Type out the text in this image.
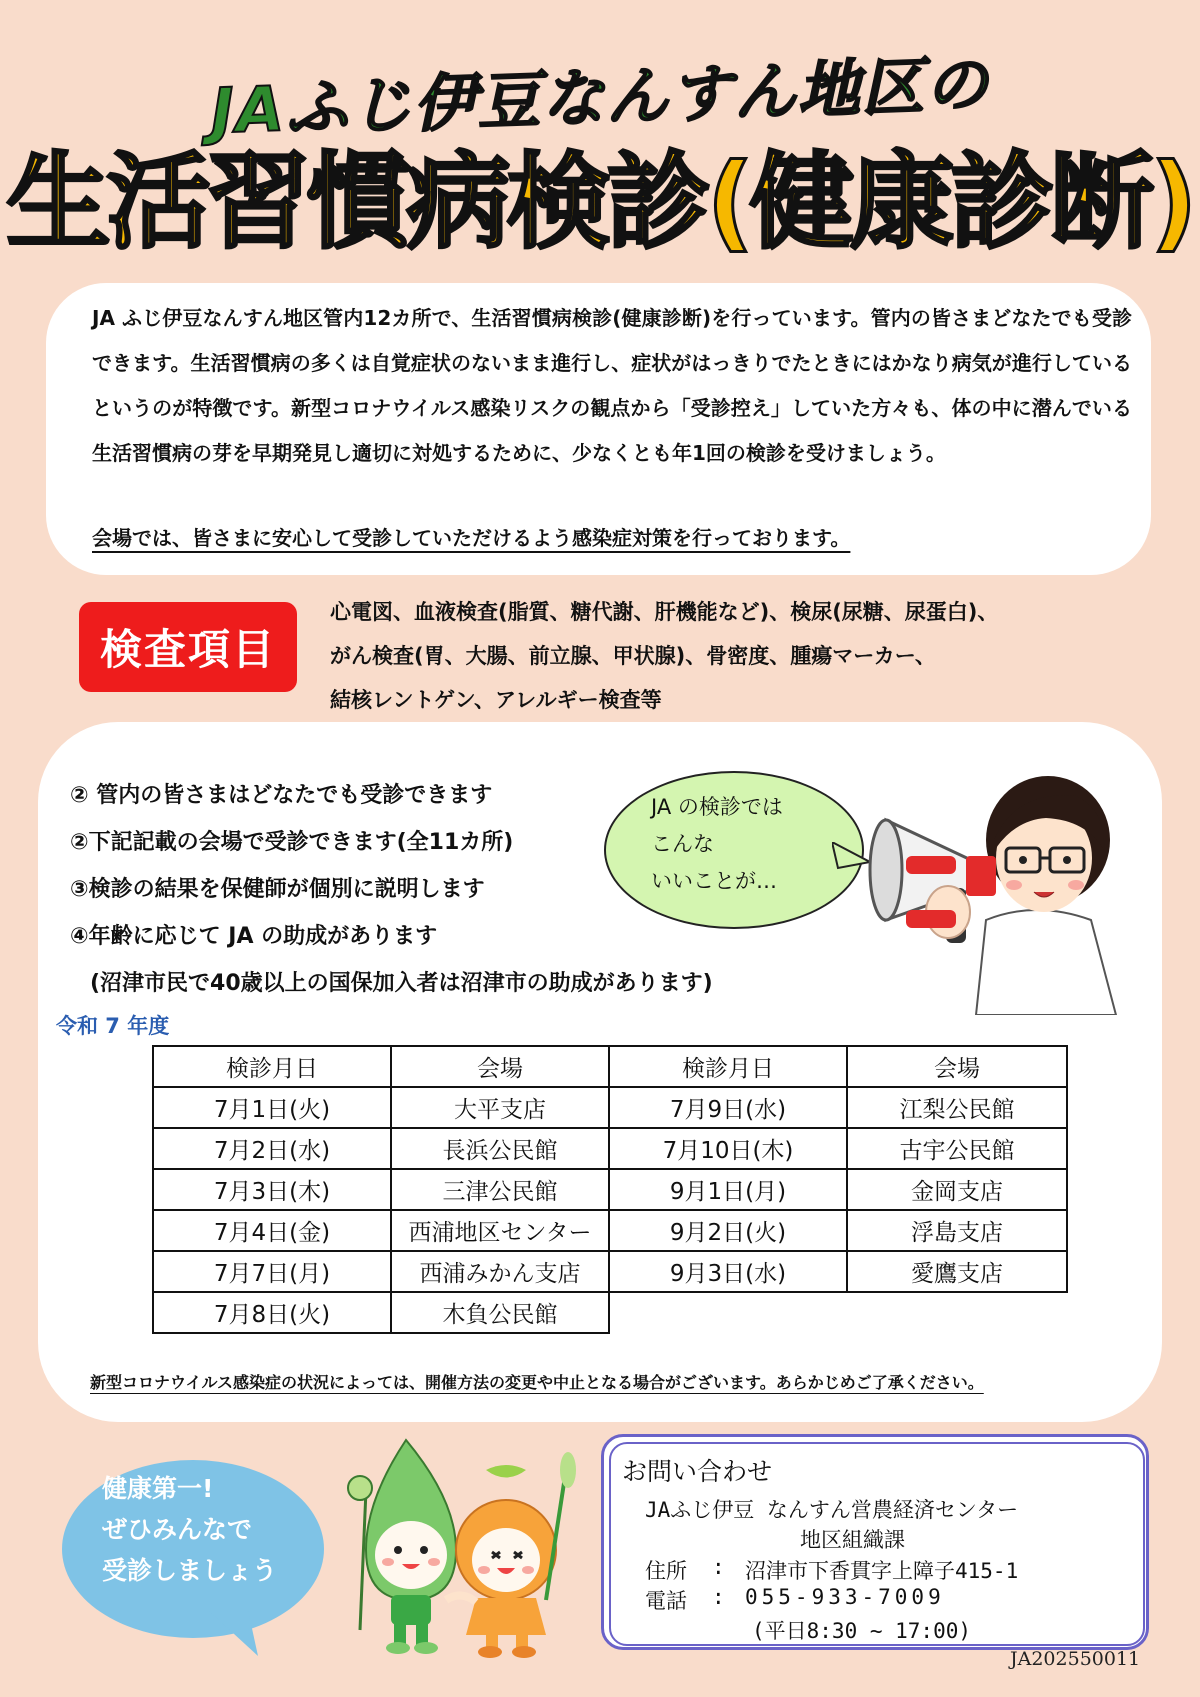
JAふじ伊豆なんすん地区の
生活習慣病検診(健康診断)
JA ふじ伊豆なんすん地区管内12カ所で、生活習慣病検診(健康診断)を行っています。管内の皆さまどなたでも受診できます。生活習慣病の多くは自覚症状のないまま進行し、症状がはっきりでたときにはかなり病気が進行しているというのが特徴です。新型コロナウイルス感染リスクの観点から「受診控え」していた方々も、体の中に潜んでいる生活習慣病の芽を早期発見し適切に対処するために、少なくとも年1回の検診を受けましょう。
会場では、皆さまに安心して受診していただけるよう感染症対策を行っております。
検査項目
心電図、血液検査(脂質、糖代謝、肝機能など)、検尿(尿糖、尿蛋白)、
がん検査(胃、大腸、前立腺、甲状腺)、骨密度、腫瘍マーカー、
結核レントゲン、アレルギー検査等
② 管内の皆さまはどなたでも受診できます
②下記記載の会場で受診できます(全11カ所)
③検診の結果を保健師が個別に説明します
④年齢に応じて JA の助成があります
(沼津市民で40歳以上の国保加入者は沼津市の助成があります)
JA の検診では
こんな
いいことが…
令和 7 年度
検診月日	会場	検診月日	会場
7月1日(火)	大平支店	7月9日(水)	江梨公民館
7月2日(水)	長浜公民館	7月10日(木)	古宇公民館
7月3日(木)	三津公民館	9月1日(月)	金岡支店
7月4日(金)	西浦地区センター	9月2日(火)	浮島支店
7月7日(月)	西浦みかん支店	9月3日(水)	愛鷹支店
7月8日(火)	木負公民館		
新型コロナウイルス感染症の状況によっては、開催方法の変更や中止となる場合がございます。あらかじめご了承ください。
健康第一!
ぜひみんなで
受診しましょう
お問い合わせ
JAふじ伊豆 なんすん営農経済センター
地区組織課
住所 : 沼津市下香貫字上障子415-1
電話 : 055-933-7009
(平日8:30 ~ 17:00)
JA202550011
